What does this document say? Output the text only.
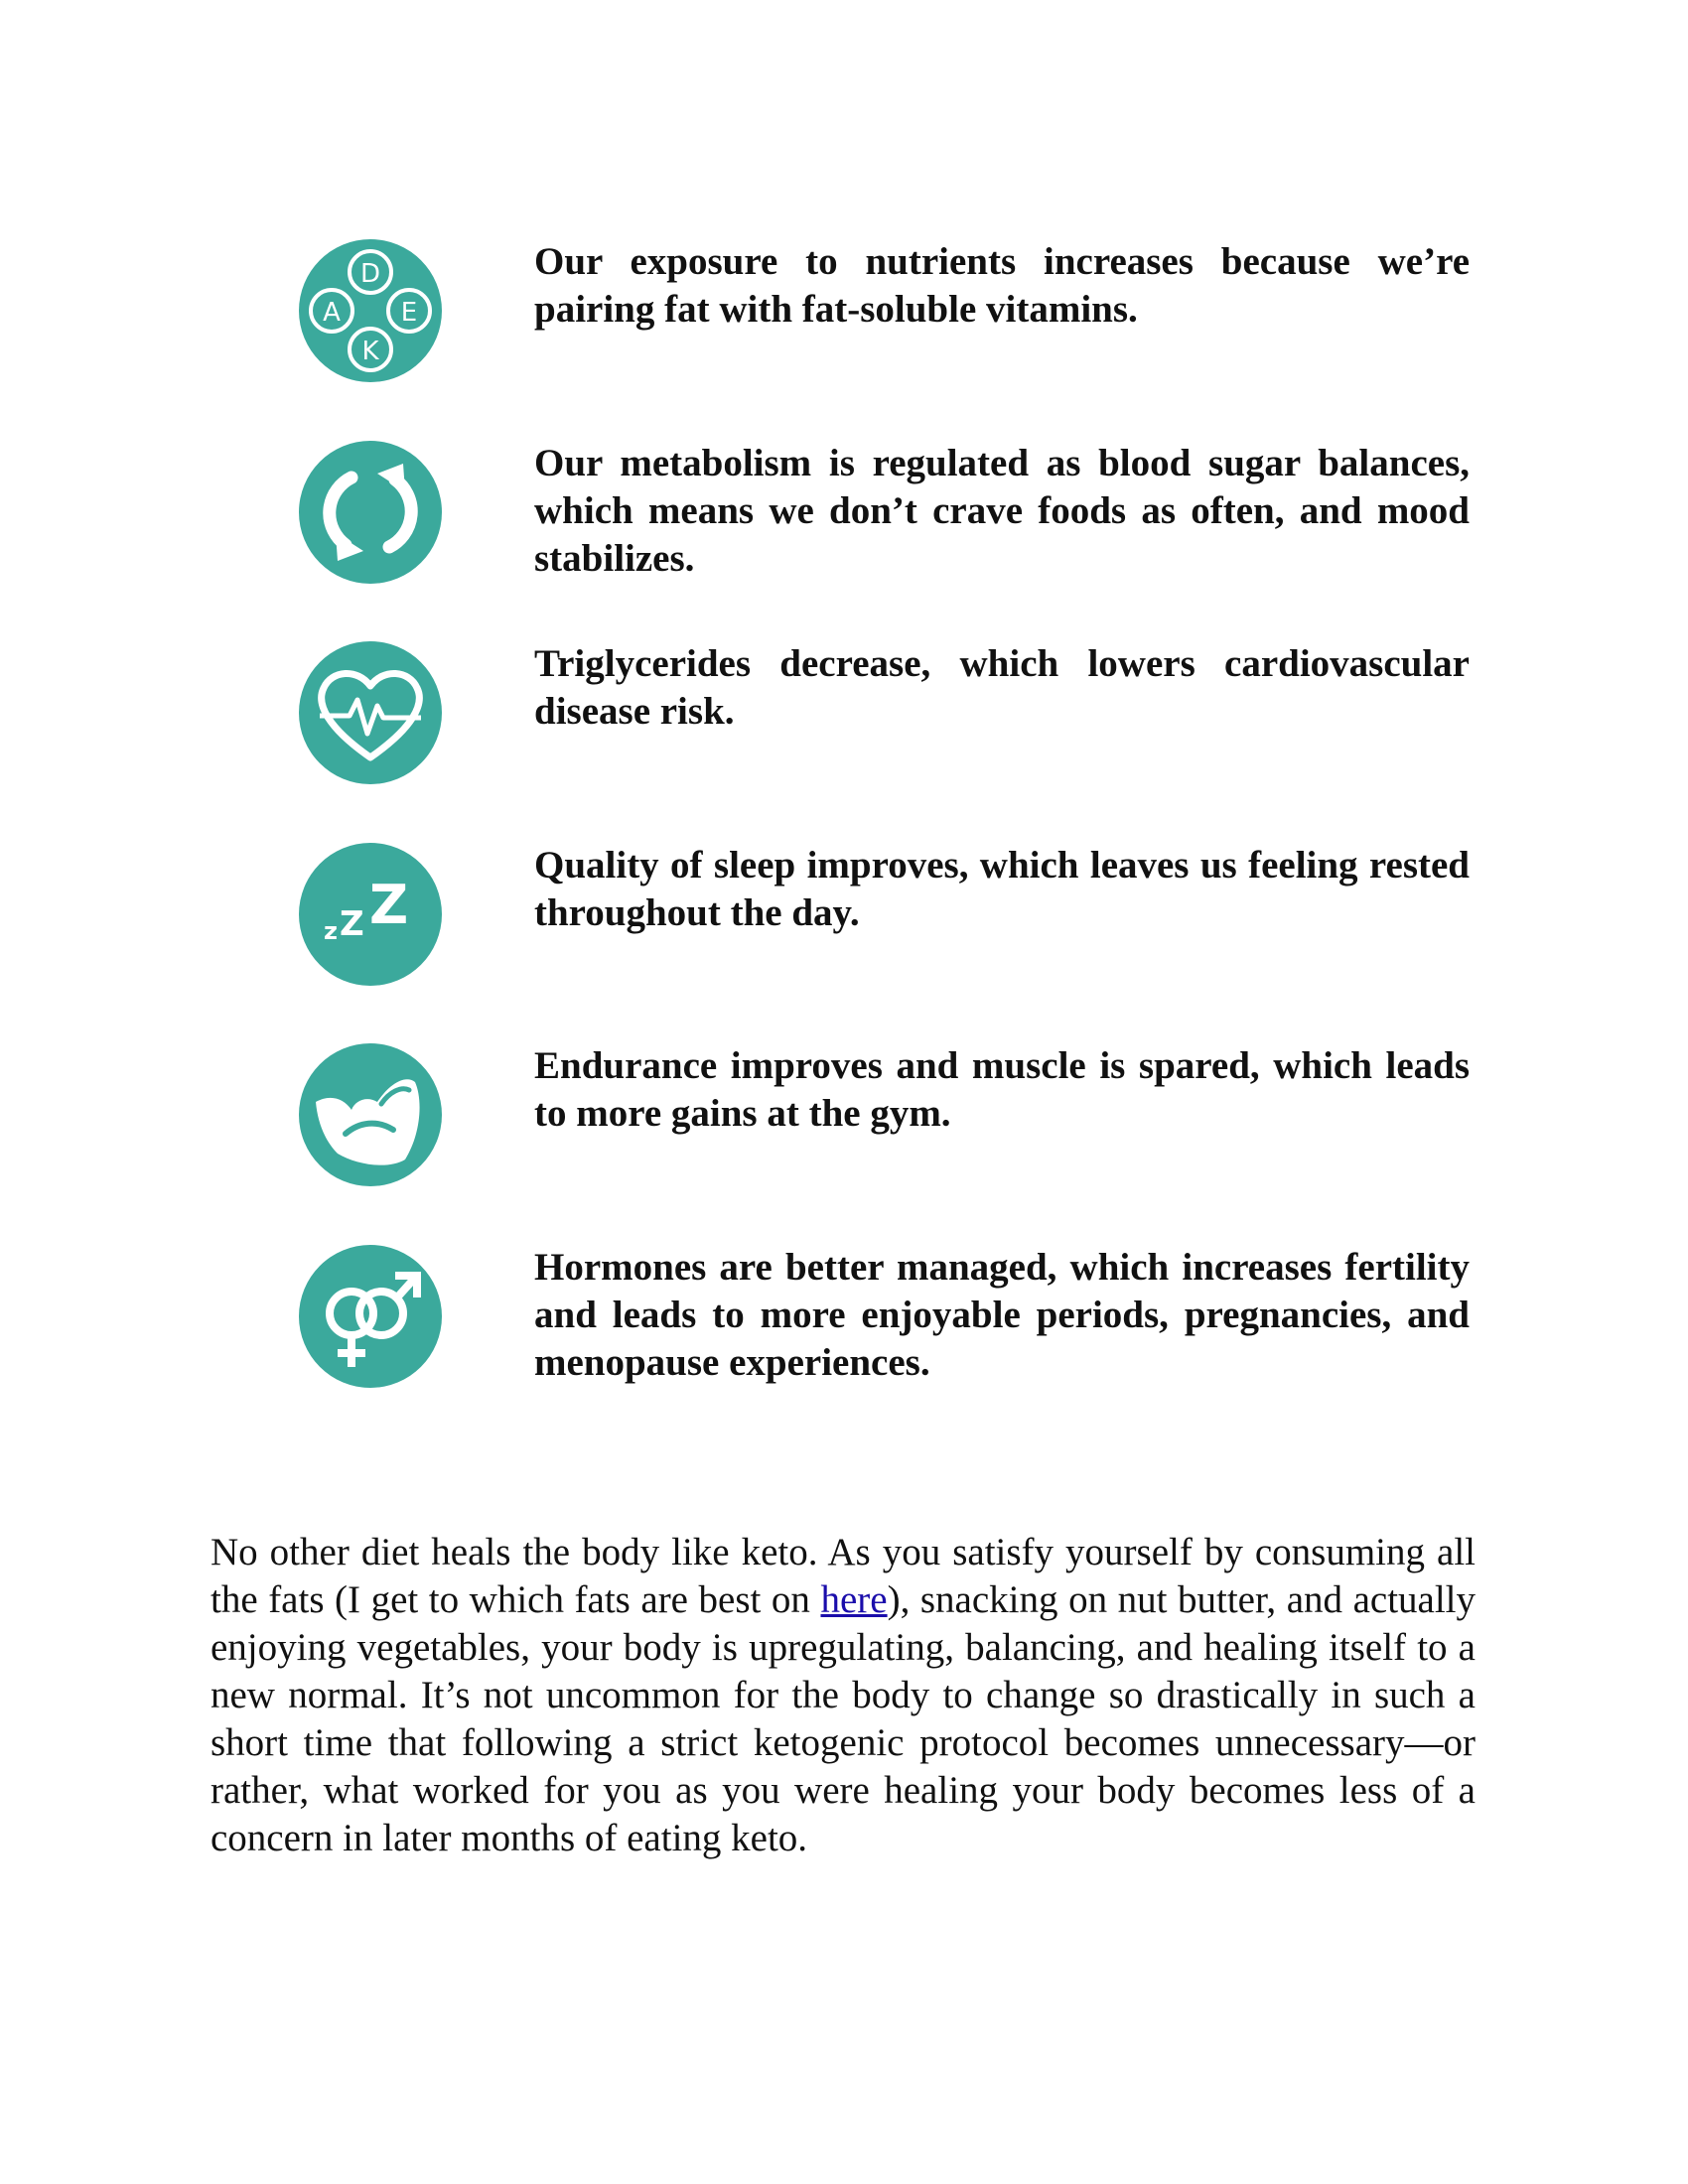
D
A E
K

Our exposure to nutrients increases because we’re pairing fat with fat-soluble vitamins.

Our metabolism is regulated as blood sugar balances, which means we don’t crave foods as often, and mood stabilizes.

Triglycerides decrease, which lowers cardiovascular disease risk.

z Z Z

Quality of sleep improves, which leaves us feeling rested throughout the day.

Endurance improves and muscle is spared, which leads to more gains at the gym.

Hormones are better managed, which increases fertility and leads to more enjoyable periods, pregnancies, and menopause experiences.

No other diet heals the body like keto. As you satisfy yourself by consuming all the fats (I get to which fats are best on here), snacking on nut butter, and actually enjoying vegetables, your body is upregulating, balancing, and healing itself to a new normal. It’s not uncommon for the body to change so drastically in such a short time that following a strict ketogenic protocol becomes unnecessary—or rather, what worked for you as you were healing your body becomes less of a concern in later months of eating keto.
